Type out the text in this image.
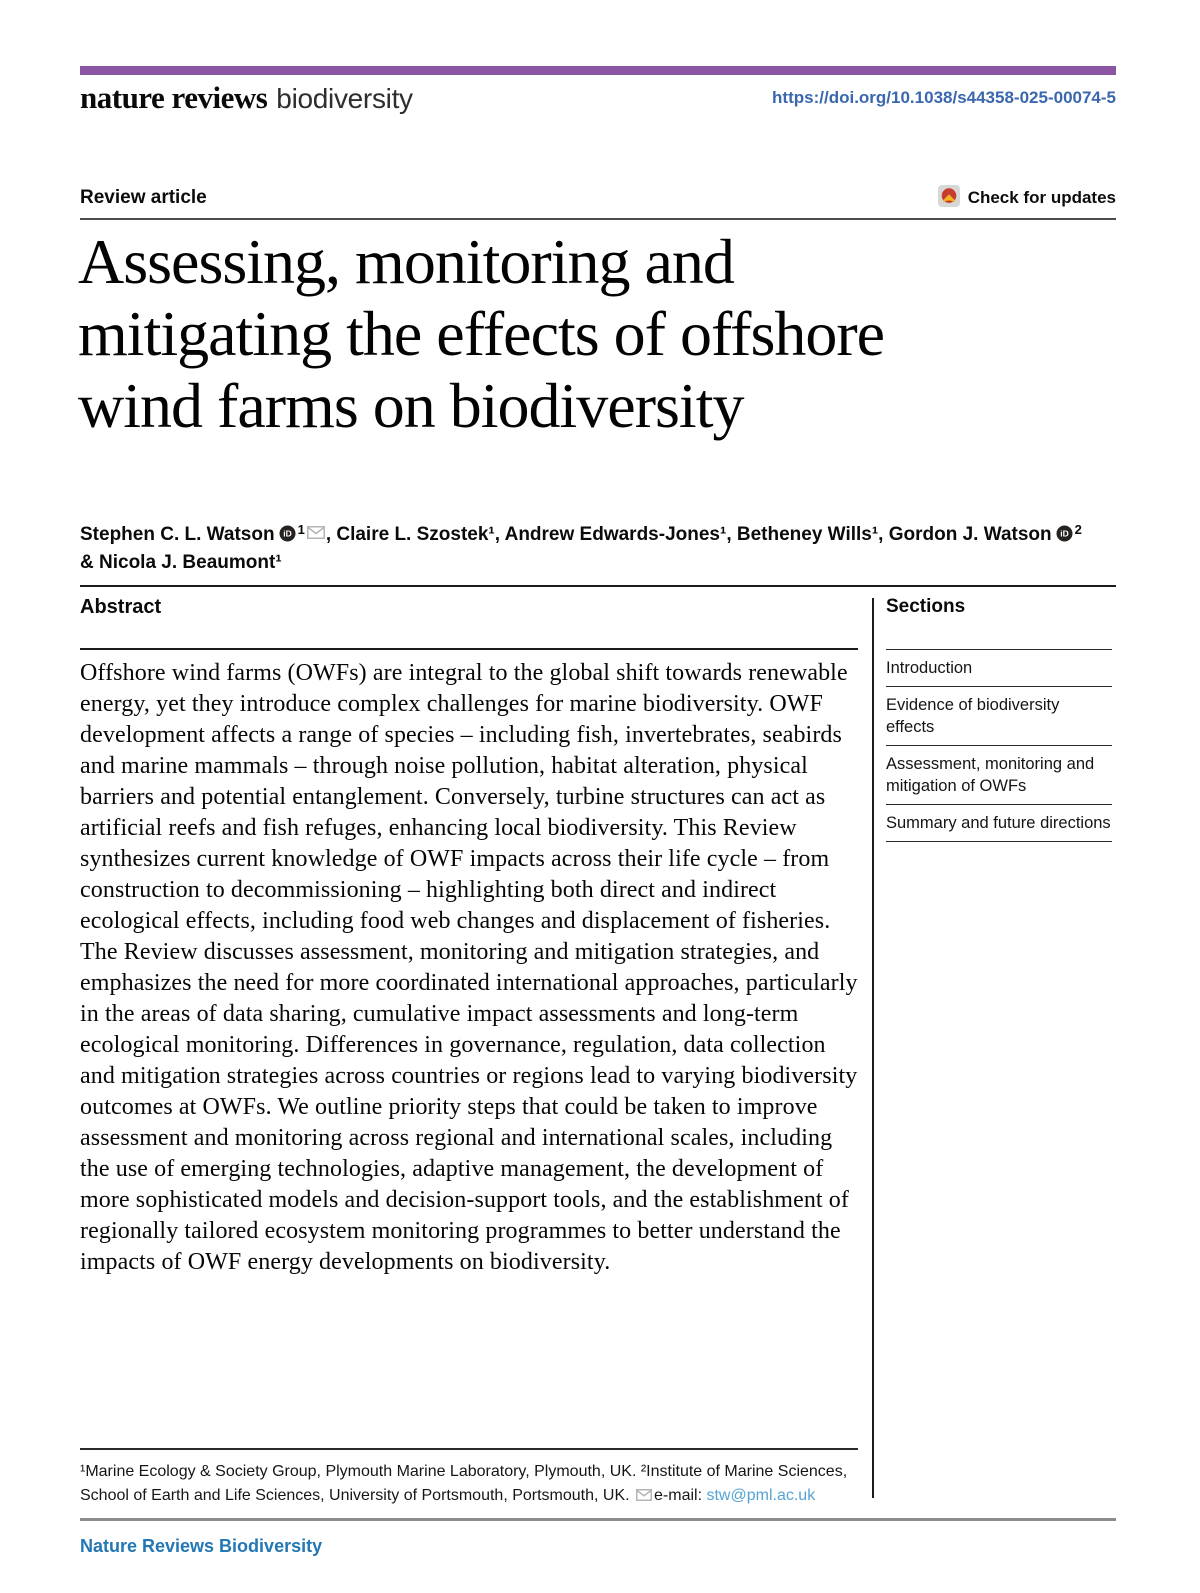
nature reviews biodiversity	https://doi.org/10.1038/s44358-025-00074-5
Review article	Check for updates
Assessing, monitoring and
mitigating the effects of offshore
wind farms on biodiversity

Stephen C. L. Watson iD $^1$ , Claire L. Szostek¹, Andrew Edwards-Jones¹, Betheney Wills¹, Gordon J. Watson iD $^2$
& Nicola J. Beaumont¹

Abstract

Offshore wind farms (OWFs) are integral to the global shift towards renewable energy, yet they introduce complex challenges for marine biodiversity. OWF development affects a range of species – including fish, invertebrates, seabirds and marine mammals – through noise pollution, habitat alteration, physical barriers and potential entanglement. Conversely, turbine structures can act as artificial reefs and fish refuges, enhancing local biodiversity. This Review synthesizes current knowledge of OWF impacts across their life cycle – from construction to decommissioning – highlighting both direct and indirect ecological effects, including food web changes and displacement of fisheries. The Review discusses assessment, monitoring and mitigation strategies, and emphasizes the need for more coordinated international approaches, particularly in the areas of data sharing, cumulative impact assessments and long-term ecological monitoring. Differences in governance, regulation, data collection and mitigation strategies across countries or regions lead to varying biodiversity outcomes at OWFs. We outline priority steps that could be taken to improve assessment and monitoring across regional and international scales, including the use of emerging technologies, adaptive management, the development of more sophisticated models and decision-support tools, and the establishment of regionally tailored ecosystem monitoring programmes to better understand the impacts of OWF energy developments on biodiversity.

Sections
Introduction
Evidence of biodiversity effects
Assessment, monitoring and mitigation of OWFs
Summary and future directions
¹Marine Ecology & Society Group, Plymouth Marine Laboratory, Plymouth, UK. ²Institute of Marine Sciences, School of Earth and Life Sciences, University of Portsmouth, Portsmouth, UK. e-mail: stw@pml.ac.uk
Nature Reviews Biodiversity
